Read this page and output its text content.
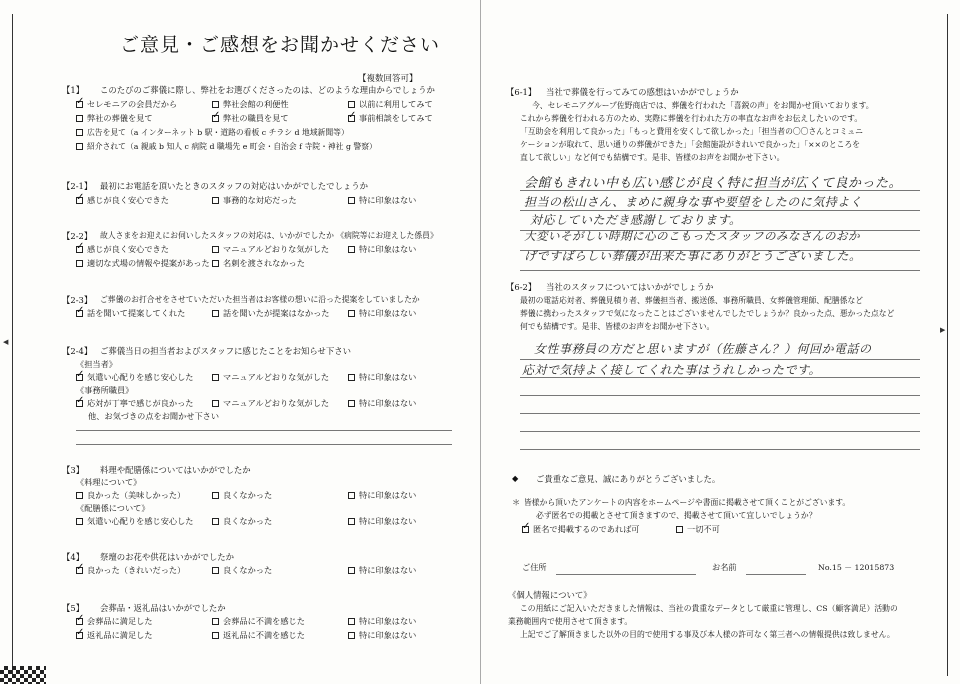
◀
▶
ご意見・ご感想をお聞かせください
【複数回答可】
【1】 このたびのご葬儀に際し、弊社をお選びくださったのは、どのような理由からでしょうか
✓セレモニアの会員だから	弊社会館の利便性	以前に利用してみて
弊社の葬儀を見て ✓	弊社の職員を見て ✓	事前相談をしてみて
広告を見て（a インターネット b 駅・道路の看板 c チラシ d 地域新聞等）
紹介されて（a 親戚 b 知人 c 病院 d 職場先 e 町会・自治会 f 寺院・神社 g 警察）
【2-1】 最初にお電話を頂いたときのスタッフの対応はいかがでしたでしょうか
✓感じが良く安心できた	事務的な対応だった	特に印象はない
【2-2】 故人さまをお迎えにお伺いしたスタッフの対応は、いかがでしたか 《病院等にお迎えした係員》
✓感じが良く安心できた	マニュアルどおりな気がした	特に印象はない
適切な式場の情報や提案があった	名刺を渡されなかった
【2-3】 ご葬儀のお打合せをさせていただいた担当者はお客様の想いに沿った提案をしていましたか
✓話を聞いて提案してくれた	話を聞いたが提案はなかった	特に印象はない
【2-4】 ご葬儀当日の担当者およびスタッフに感じたことをお知らせ下さい
《担当者》
✓気遣い心配りを感じ安心した	マニュアルどおりな気がした	特に印象はない
《事務所職員》
✓応対が丁寧で感じが良かった	マニュアルどおりな気がした	特に印象はない
他、お気づきの点をお聞かせ下さい
【3】 料理や配膳係についてはいかがでしたか
《料理について》
良かった（美味しかった）	良くなかった	特に印象はない
《配膳係について》
気遣い心配りを感じ安心した	良くなかった	特に印象はない
【4】 祭壇のお花や供花はいかがでしたか
✓良かった（きれいだった）	良くなかった	特に印象はない
【5】 会葬品・返礼品はいかがでしたか
✓会葬品に満足した	会葬品に不満を感じた	特に印象はない
✓返礼品に満足した	返礼品に不満を感じた	特に印象はない
【6-1】 当社で葬儀を行ってみての感想はいかがでしょうか
今、セレモニアグループ佐野商店では、葬儀を行われた「喜鋭の声」をお聞かせ頂いております。
これから葬儀を行われる方のため、実際に葬儀を行われた方の率直なお声をお伝えしたいのです。
「互助会を利用して良かった」「もっと費用を安くして欲しかった」「担当者の〇〇さんとコミュニ
ケーションが取れて、思い通りの葬儀ができた」「会館施設がきれいで良かった」「××のところを
直して欲しい」など何でも結構です。是非、皆様のお声をお聞かせ下さい。
会館もきれい中も広い感じが良く特に担当が広くて良かった。
担当の松山さん、まめに親身な事や要望をしたのに気持よく
対応していただき感謝しております。
大変いそがしい時期に心のこもったスタッフのみなさんのおか
げですばらしい葬儀が出来た事にありがとうございました。
【6-2】 当社のスタッフについてはいかがでしょうか
最初の電話応対者、葬儀見積り者、葬儀担当者、搬送係、事務所職員、女葬儀管理師、配膳係など
葬儀に携わったスタッフで気になったことはございませんでしたでしょうか？良かった点、悪かった点など
何でも結構です。是非、皆様のお声をお聞かせ下さい。
女性事務員の方だと思いますが（佐藤さん？）何回か電話の
応対で気持よく接してくれた事はうれしかったです。
◆ ご貴重なご意見、誠にありがとうございました。
＊ 皆様から頂いたアンケートの内容をホームページや書面に掲載させて頂くことがございます。
必ず匿名での掲載とさせて頂きますので、掲載させて頂いて宜しいでしょうか？
✓匿名で掲載するのであれば可	一切不可
ご住所	お名前	No.15 － 12015873
《個人情報について》
この用紙にご記入いただきました情報は、当社の貴重なデータとして厳重に管理し、CS（顧客満足）活動の
業務範囲内で使用させて頂きます。
上記でご了解頂きました以外の目的で使用する事及び本人様の許可なく第三者への情報提供は致しません。
